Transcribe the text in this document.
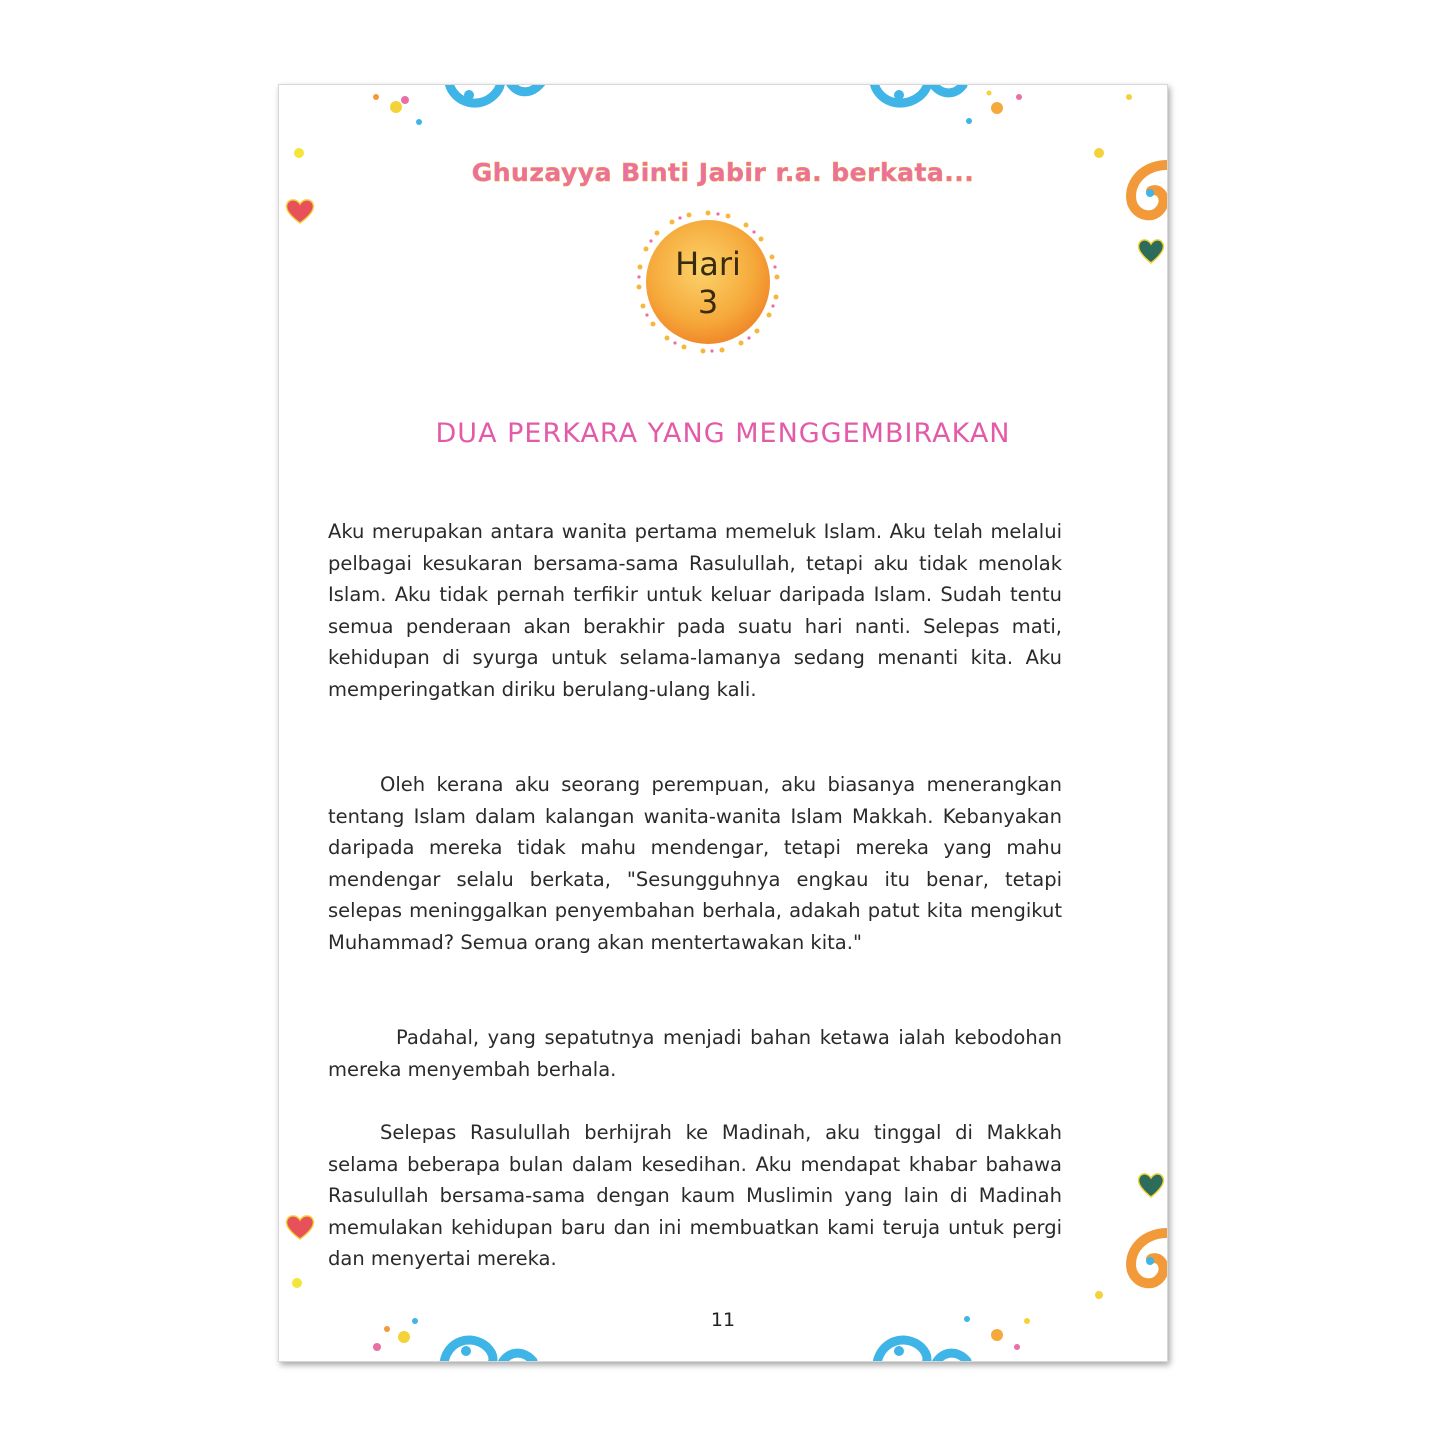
Ghuzayya Binti Jabir r.a. berkata...
Hari
3
DUA PERKARA YANG MENGGEMBIRAKAN

Aku merupakan antara wanita pertama memeluk Islam. Aku telah melalui pelbagai kesukaran bersama-sama Rasulullah, tetapi aku tidak menolak Islam. Aku tidak pernah terfikir untuk keluar daripada Islam. Sudah tentu semua penderaan akan berakhir pada suatu hari nanti. Selepas mati, kehidupan di syurga untuk selama-lamanya sedang menanti kita. Aku memperingatkan diriku berulang-ulang kali.

Oleh kerana aku seorang perempuan, aku biasanya menerangkan tentang Islam dalam kalangan wanita-wanita Islam Makkah. Kebanyakan daripada mereka tidak mahu mendengar, tetapi mereka yang mahu mendengar selalu berkata, "Sesungguhnya engkau itu benar, tetapi selepas meninggalkan penyembahan berhala, adakah patut kita mengikut Muhammad? Semua orang akan mentertawakan kita."

Padahal, yang sepatutnya menjadi bahan ketawa ialah kebodohan mereka menyembah berhala.

Selepas Rasulullah berhijrah ke Madinah, aku tinggal di Makkah selama beberapa bulan dalam kesedihan. Aku mendapat khabar bahawa Rasulullah bersama-sama dengan kaum Muslimin yang lain di Madinah memulakan kehidupan baru dan ini membuatkan kami teruja untuk pergi dan menyertai mereka.

11
